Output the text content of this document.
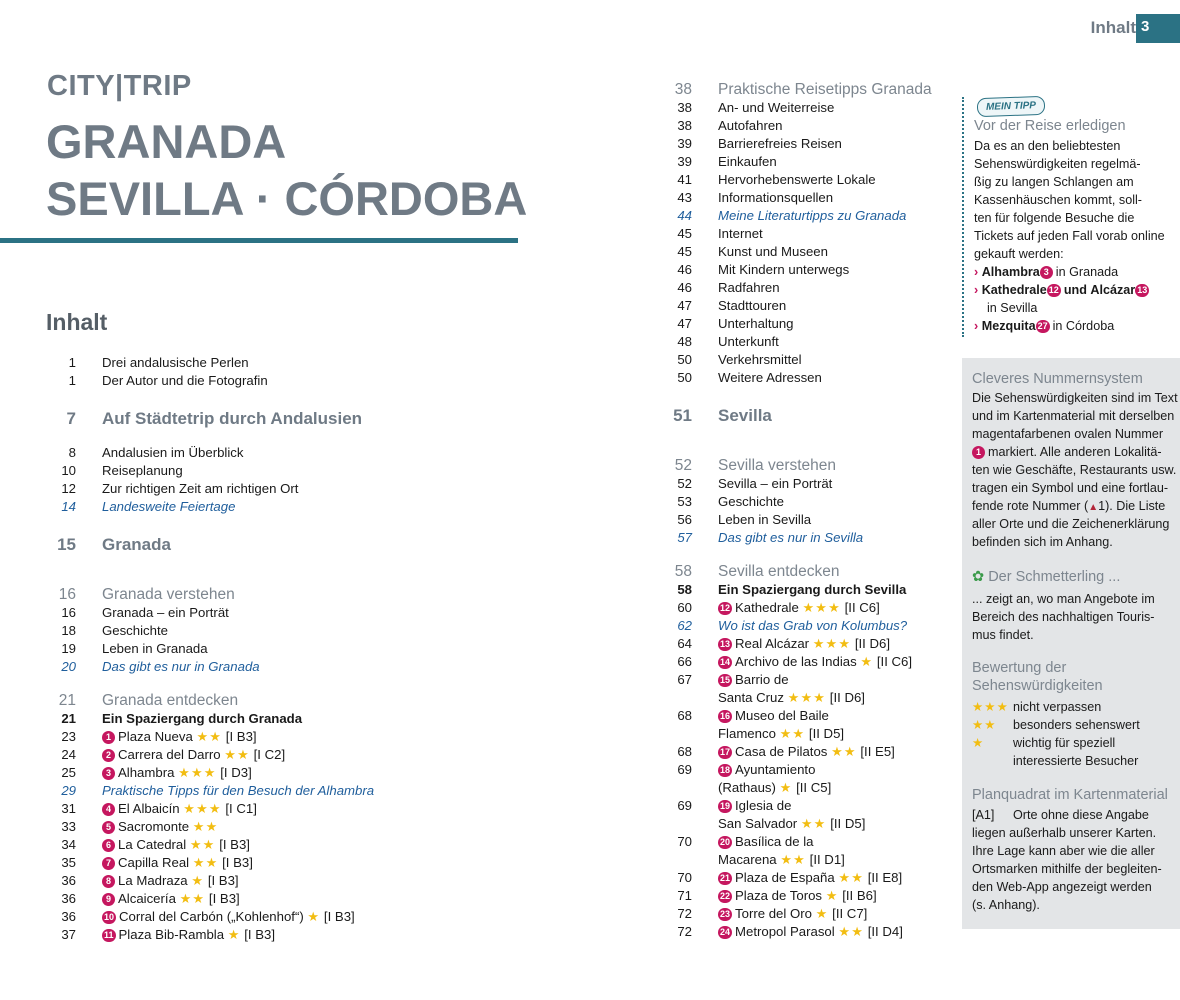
Inhalt 3
CITY|TRIP
GRANADA
SEVILLA · CÓRDOBA
Inhalt
1 Drei andalusische Perlen
1 Der Autor und die Fotografin
7 Auf Städtetrip durch Andalusien
8 Andalusien im Überblick
10 Reiseplanung
12 Zur richtigen Zeit am richtigen Ort
14 Landesweite Feiertage
15 Granada
16 Granada verstehen
16 Granada – ein Porträt
18 Geschichte
19 Leben in Granada
20 Das gibt es nur in Granada
21 Granada entdecken
21 Ein Spaziergang durch Granada
23	1 Plaza Nueva ★★ [I B3]
24	2 Carrera del Darro ★★ [I C2]
25	3 Alhambra ★★★ [I D3]
29 Praktische Tipps für den Besuch der Alhambra
31	4 El Albaicín ★★★ [I C1]
33	5 Sacromonte ★★
34	6 La Catedral ★★ [I B3]
35	7 Capilla Real ★★ [I B3]
36	8 La Madraza ★ [I B3]
36	9 Alcaicería ★★ [I B3]
36	10 Corral del Carbón („Kohlenhof“) ★ [I B3]
37	11 Plaza Bib-Rambla ★ [I B3]
38 Praktische Reisetipps Granada
38 An- und Weiterreise
38 Autofahren
39 Barrierefreies Reisen
39 Einkaufen
41 Hervorhebenswerte Lokale
43 Informationsquellen
44 Meine Literaturtipps zu Granada
45 Internet
45 Kunst und Museen
46 Mit Kindern unterwegs
46 Radfahren
47 Stadttouren
47 Unterhaltung
48 Unterkunft
50 Verkehrsmittel
50 Weitere Adressen
51 Sevilla
52 Sevilla verstehen
52 Sevilla – ein Porträt
53 Geschichte
56 Leben in Sevilla
57 Das gibt es nur in Sevilla
58 Sevilla entdecken
58 Ein Spaziergang durch Sevilla
60	12 Kathedrale ★★★ [II C6]
62 Wo ist das Grab von Kolumbus?
64	13 Real Alcázar ★★★ [II D6]
66	14 Archivo de las Indias ★ [II C6]
67	15 Barrio de
Santa Cruz ★★★ [II D6]
68	16 Museo del Baile
Flamenco ★★ [II D5]
68	17 Casa de Pilatos ★★ [II E5]
69	18 Ayuntamiento
(Rathaus) ★ [II C5]
69	19 Iglesia de
San Salvador ★★ [II D5]
70	20 Basílica de la
Macarena ★★ [II D1]
70	21 Plaza de España ★★ [II E8]
71	22 Plaza de Toros ★ [II B6]
72	23 Torre del Oro ★ [II C7]
72	24 Metropol Parasol ★★ [II D4]
MEIN TIPP
Vor der Reise erledigen
Da es an den beliebtesten
Sehenswürdigkeiten regelmä-
ßig zu langen Schlangen am
Kassenhäuschen kommt, soll-
ten für folgende Besuche die
Tickets auf jeden Fall vorab online
gekauft werden:
› Alhambra 3 in Granada
› Kathedrale 12 und Alcázar 13
in Sevilla
› Mezquita 27 in Córdoba
Cleveres Nummernsystem
Die Sehenswürdigkeiten sind im Text
und im Kartenmaterial mit derselben
magentafarbenen ovalen Nummer
1 markiert. Alle anderen Lokalitä-
ten wie Geschäfte, Restaurants usw.
tragen ein Symbol und eine fortlau-
fende rote Nummer (▲1). Die Liste
aller Orte und die Zeichenerklärung
befinden sich im Anhang.
✿ Der Schmetterling ...
... zeigt an, wo man Angebote im
Bereich des nachhaltigen Touris-
mus findet.
Bewertung der
Sehenswürdigkeiten
★★★ nicht verpassen
★★ besonders sehenswert
★ wichtig für speziell
interessierte Besucher
Planquadrat im Kartenmaterial
[A1] Orte ohne diese Angabe
liegen außerhalb unserer Karten.
Ihre Lage kann aber wie die aller
Ortsmarken mithilfe der begleiten-
den Web-App angezeigt werden
(s. Anhang).
